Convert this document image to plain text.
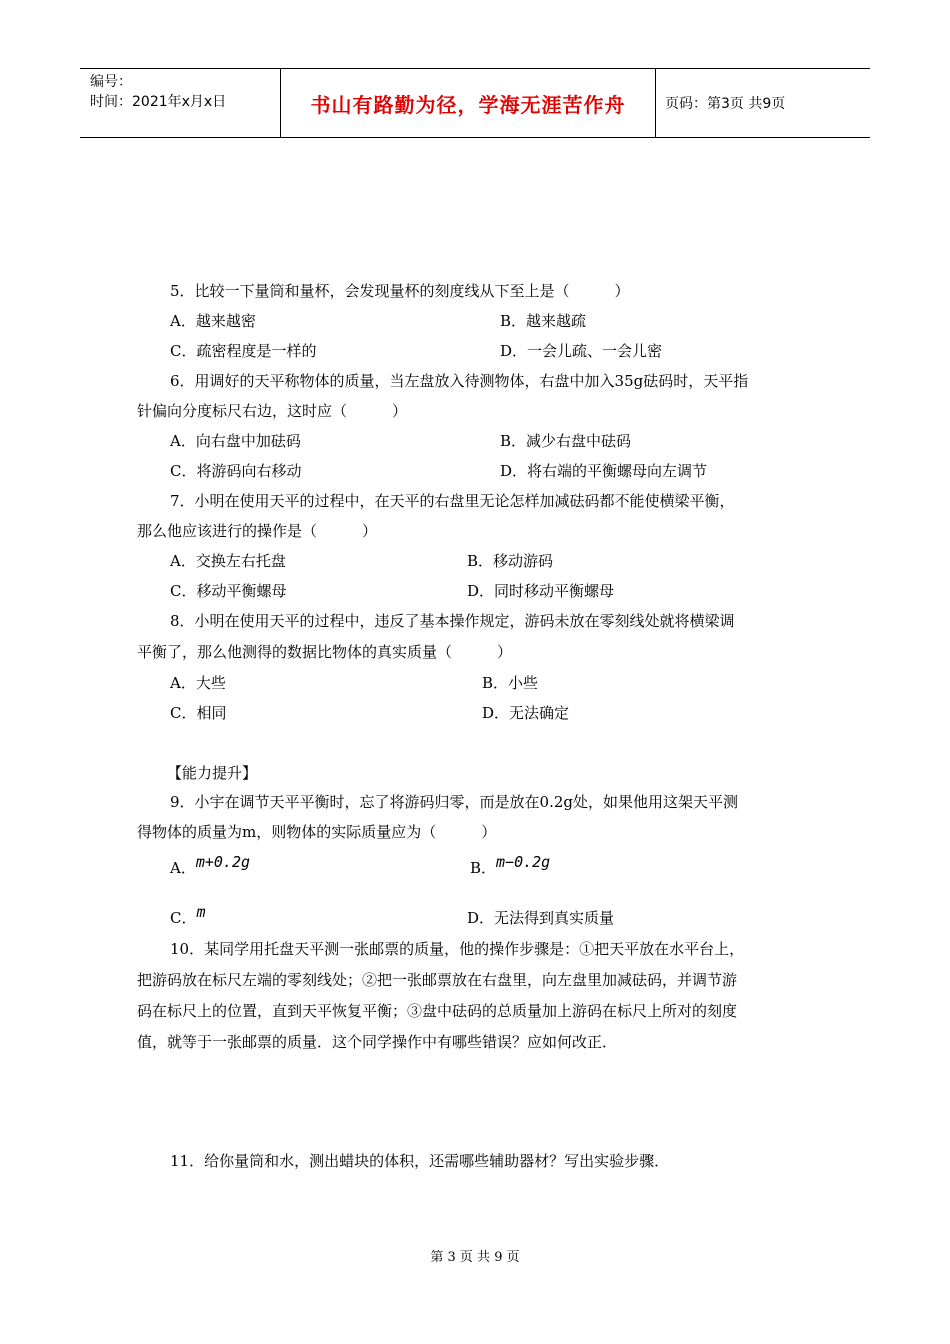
编号：
时间：2021年x月x日	书山有路勤为径，学海无涯苦作舟	页码：第3页 共9页
5．比较一下量筒和量杯，会发现量杯的刻度线从下至上是（　　　）
A．越来越密	B．越来越疏
C．疏密程度是一样的	D．一会儿疏、一会儿密
6．用调好的天平称物体的质量，当左盘放入待测物体，右盘中加入35g砝码时，天平指
针偏向分度标尺右边，这时应（　　　）
A．向右盘中加砝码	B．减少右盘中砝码
C．将游码向右移动	D．将右端的平衡螺母向左调节
7．小明在使用天平的过程中，在天平的右盘里无论怎样加减砝码都不能使横梁平衡，
那么他应该进行的操作是（　　　）
A．交换左右托盘	B．移动游码
C．移动平衡螺母	D．同时移动平衡螺母
8．小明在使用天平的过程中，违反了基本操作规定，游码未放在零刻线处就将横梁调
平衡了，那么他测得的数据比物体的真实质量（　　　）
A．大些	B．小些
C．相同	D．无法确定
【能力提升】
9．小宇在调节天平平衡时，忘了将游码归零，而是放在0.2g处，如果他用这架天平测
得物体的质量为m，则物体的实际质量应为（　　　）
A．m+0.2g	B．m−0.2g
C．m	D．无法得到真实质量
10．某同学用托盘天平测一张邮票的质量，他的操作步骤是：①把天平放在水平台上，
把游码放在标尺左端的零刻线处；②把一张邮票放在右盘里，向左盘里加减砝码，并调节游
码在标尺上的位置，直到天平恢复平衡；③盘中砝码的总质量加上游码在标尺上所对的刻度
值，就等于一张邮票的质量．这个同学操作中有哪些错误？应如何改正．
11．给你量筒和水，测出蜡块的体积，还需哪些辅助器材？写出实验步骤．
第 3 页 共 9 页
